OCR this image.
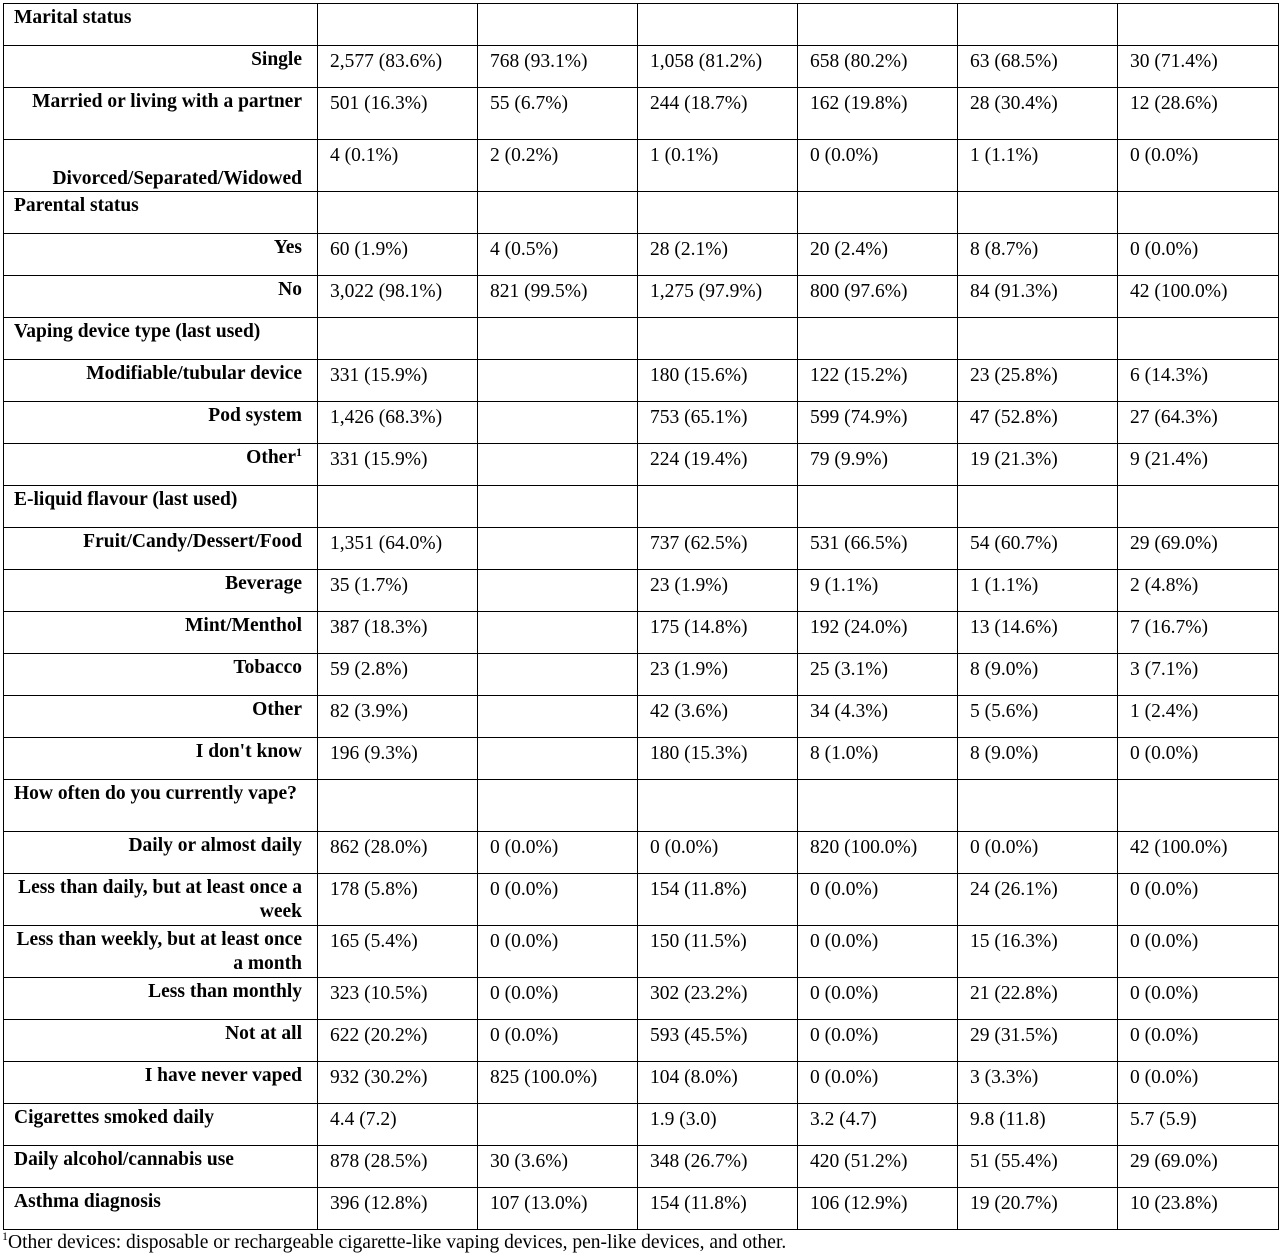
Marital status						
Single	2,577 (83.6%)	768 (93.1%)	1,058 (81.2%)	658 (80.2%)	63 (68.5%)	30 (71.4%)
Married or living with a partner	501 (16.3%)	55 (6.7%)	244 (18.7%)	162 (19.8%)	28 (30.4%)	12 (28.6%)
Divorced/Separated/Widowed	4 (0.1%)	2 (0.2%)	1 (0.1%)	0 (0.0%)	1 (1.1%)	0 (0.0%)
Parental status						
Yes	60 (1.9%)	4 (0.5%)	28 (2.1%)	20 (2.4%)	8 (8.7%)	0 (0.0%)
No	3,022 (98.1%)	821 (99.5%)	1,275 (97.9%)	800 (97.6%)	84 (91.3%)	42 (100.0%)
Vaping device type (last used)						
Modifiable/tubular device	331 (15.9%)		180 (15.6%)	122 (15.2%)	23 (25.8%)	6 (14.3%)
Pod system	1,426 (68.3%)		753 (65.1%)	599 (74.9%)	47 (52.8%)	27 (64.3%)
Other$^1$	331 (15.9%)		224 (19.4%)	79 (9.9%)	19 (21.3%)	9 (21.4%)
E-liquid flavour (last used)						
Fruit/Candy/Dessert/Food	1,351 (64.0%)		737 (62.5%)	531 (66.5%)	54 (60.7%)	29 (69.0%)
Beverage	35 (1.7%)		23 (1.9%)	9 (1.1%)	1 (1.1%)	2 (4.8%)
Mint/Menthol	387 (18.3%)		175 (14.8%)	192 (24.0%)	13 (14.6%)	7 (16.7%)
Tobacco	59 (2.8%)		23 (1.9%)	25 (3.1%)	8 (9.0%)	3 (7.1%)
Other	82 (3.9%)		42 (3.6%)	34 (4.3%)	5 (5.6%)	1 (2.4%)
I don't know	196 (9.3%)		180 (15.3%)	8 (1.0%)	8 (9.0%)	0 (0.0%)
How often do you currently vape?						
Daily or almost daily	862 (28.0%)	0 (0.0%)	0 (0.0%)	820 (100.0%)	0 (0.0%)	42 (100.0%)
Less than daily, but at least once a week	178 (5.8%)	0 (0.0%)	154 (11.8%)	0 (0.0%)	24 (26.1%)	0 (0.0%)
Less than weekly, but at least once a month	165 (5.4%)	0 (0.0%)	150 (11.5%)	0 (0.0%)	15 (16.3%)	0 (0.0%)
Less than monthly	323 (10.5%)	0 (0.0%)	302 (23.2%)	0 (0.0%)	21 (22.8%)	0 (0.0%)
Not at all	622 (20.2%)	0 (0.0%)	593 (45.5%)	0 (0.0%)	29 (31.5%)	0 (0.0%)
I have never vaped	932 (30.2%)	825 (100.0%)	104 (8.0%)	0 (0.0%)	3 (3.3%)	0 (0.0%)
Cigarettes smoked daily	4.4 (7.2)		1.9 (3.0)	3.2 (4.7)	9.8 (11.8)	5.7 (5.9)
Daily alcohol/cannabis use	878 (28.5%)	30 (3.6%)	348 (26.7%)	420 (51.2%)	51 (55.4%)	29 (69.0%)
Asthma diagnosis	396 (12.8%)	107 (13.0%)	154 (11.8%)	106 (12.9%)	19 (20.7%)	10 (23.8%)
$^1$Other devices: disposable or rechargeable cigarette-like vaping devices, pen-like devices, and other.
